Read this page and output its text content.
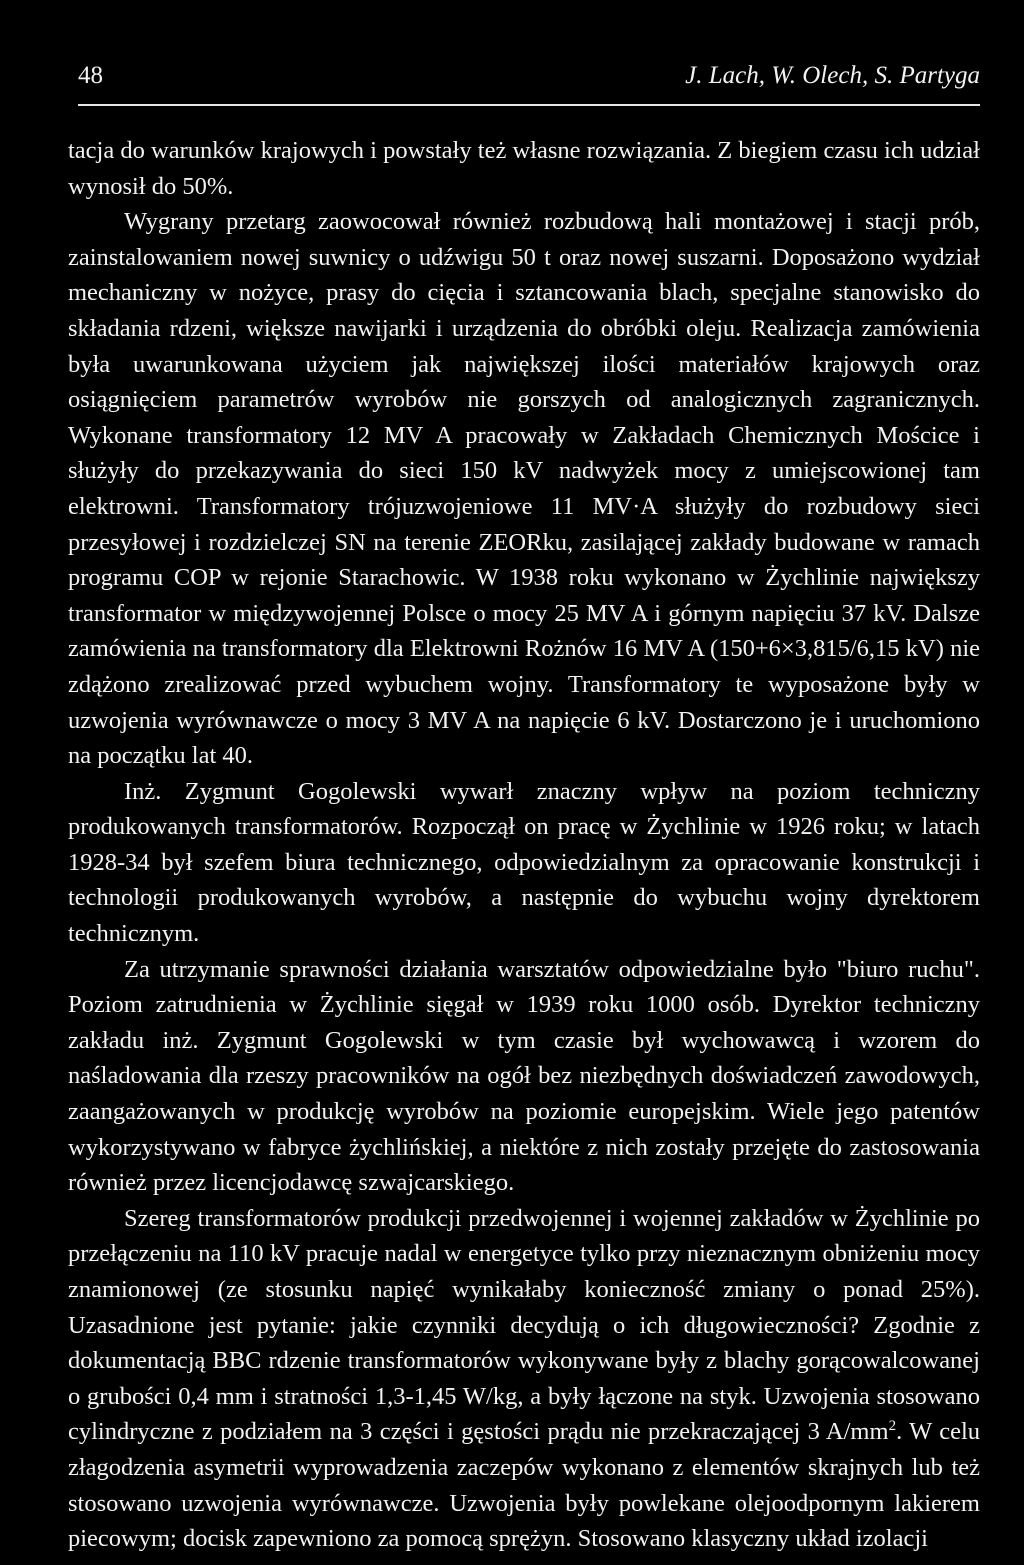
48	J. Lach, W. Olech, S. Partyga

tacja do warunków krajowych i powstały też własne rozwiązania. Z biegiem czasu ich udział wynosił do 50%.

Wygrany przetarg zaowocował również rozbudową hali montażowej i stacji prób, zainstalowaniem nowej suwnicy o udźwigu 50 t oraz nowej suszarni. Doposażono wydział mechaniczny w nożyce, prasy do cięcia i sztancowania blach, specjalne stanowisko do składania rdzeni, większe nawijarki i urządzenia do obróbki oleju. Realizacja zamówienia była uwarunkowana użyciem jak największej ilości materiałów krajowych oraz osiągnięciem parametrów wyrobów nie gorszych od analogicznych zagranicznych. Wykonane transformatory 12 MV A pracowały w Zakładach Chemicznych Mościce i służyły do przekazywania do sieci 150 kV nadwyżek mocy z umiejscowionej tam elektrowni. Transformatory trójuzwojeniowe 11 MV·A służyły do rozbudowy sieci przesyłowej i rozdzielczej SN na terenie ZEORku, zasilającej zakłady budowane w ramach programu COP w rejonie Starachowic. W 1938 roku wykonano w Żychlinie największy transformator w międzywojennej Polsce o mocy 25 MV A i górnym napięciu 37 kV. Dalsze zamówienia na transformatory dla Elektrowni Rożnów 16 MV A (150+6×3,815/6,15 kV) nie zdążono zrealizować przed wybuchem wojny. Transformatory te wyposażone były w uzwojenia wyrównawcze o mocy 3 MV A na napięcie 6 kV. Dostarczono je i uruchomiono na początku lat 40.

Inż. Zygmunt Gogolewski wywarł znaczny wpływ na poziom techniczny produkowanych transformatorów. Rozpoczął on pracę w Żychlinie w 1926 roku; w latach 1928-34 był szefem biura technicznego, odpowiedzialnym za opracowanie konstrukcji i technologii produkowanych wyrobów, a następnie do wybuchu wojny dyrektorem technicznym.

Za utrzymanie sprawności działania warsztatów odpowiedzialne było "biuro ruchu". Poziom zatrudnienia w Żychlinie sięgał w 1939 roku 1000 osób. Dyrektor techniczny zakładu inż. Zygmunt Gogolewski w tym czasie był wychowawcą i wzorem do naśladowania dla rzeszy pracowników na ogół bez niezbędnych doświadczeń zawodowych, zaangażowanych w produkcję wyrobów na poziomie europejskim. Wiele jego patentów wykorzystywano w fabryce żychlińskiej, a niektóre z nich zostały przejęte do zastosowania również przez licencjodawcę szwajcarskiego.

Szereg transformatorów produkcji przedwojennej i wojennej zakładów w Żychlinie po przełączeniu na 110 kV pracuje nadal w energetyce tylko przy nieznacznym obniżeniu mocy znamionowej (ze stosunku napięć wynikałaby konieczność zmiany o ponad 25%). Uzasadnione jest pytanie: jakie czynniki decydują o ich długowieczności? Zgodnie z dokumentacją BBC rdzenie transformatorów wykonywane były z blachy gorącowalcowanej o grubości 0,4 mm i stratności 1,3-1,45 W/kg, a były łączone na styk. Uzwojenia stosowano cylindryczne z podziałem na 3 części i gęstości prądu nie przekraczającej 3 $A/mm^2$. W celu złagodzenia asymetrii wyprowadzenia zaczepów wykonano z elementów skrajnych lub też stosowano uzwojenia wyrównawcze. Uzwojenia były powlekane olejoodpornym lakierem piecowym; docisk zapewniono za pomocą sprężyn. Stosowano klasyczny układ izolacji
